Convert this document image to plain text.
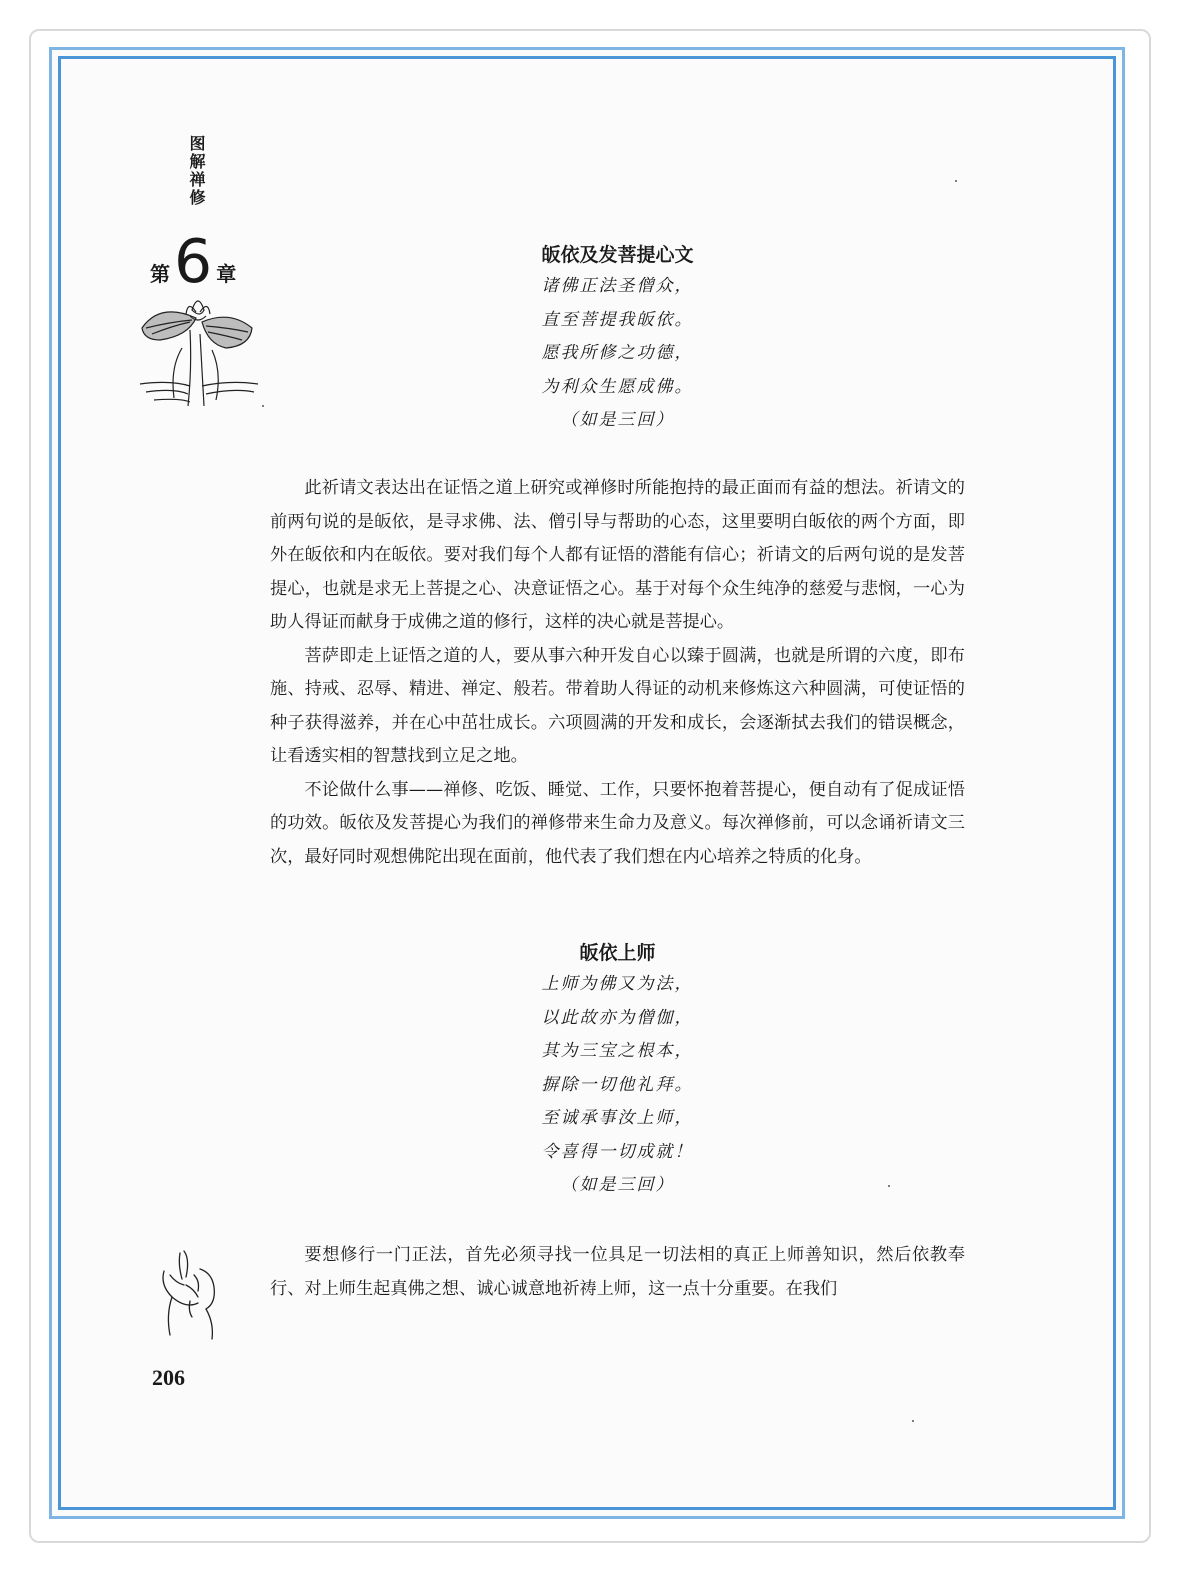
图解禅修
第 6 章

皈依及发菩提心文

诸佛正法圣僧众，

直至菩提我皈依。

愿我所修之功德，

为利众生愿成佛。

（如是三回）

此祈请文表达出在证悟之道上研究或禅修时所能抱持的最正面而有益的想法。祈请文的前两句说的是皈依，是寻求佛、法、僧引导与帮助的心态，这里要明白皈依的两个方面，即外在皈依和内在皈依。要对我们每个人都有证悟的潜能有信心；祈请文的后两句说的是发菩提心，也就是求无上菩提之心、决意证悟之心。基于对每个众生纯净的慈爱与悲悯，一心为助人得证而献身于成佛之道的修行，这样的决心就是菩提心。

菩萨即走上证悟之道的人，要从事六种开发自心以臻于圆满，也就是所谓的六度，即布施、持戒、忍辱、精进、禅定、般若。带着助人得证的动机来修炼这六种圆满，可使证悟的种子获得滋养，并在心中茁壮成长。六项圆满的开发和成长，会逐渐拭去我们的错误概念，让看透实相的智慧找到立足之地。

不论做什么事——禅修、吃饭、睡觉、工作，只要怀抱着菩提心，便自动有了促成证悟的功效。皈依及发菩提心为我们的禅修带来生命力及意义。每次禅修前，可以念诵祈请文三次，最好同时观想佛陀出现在面前，他代表了我们想在内心培养之特质的化身。

皈依上师

上师为佛又为法，

以此故亦为僧伽，

其为三宝之根本，

摒除一切他礼拜。

至诚承事汝上师，

令喜得一切成就！

（如是三回）

要想修行一门正法，首先必须寻找一位具足一切法相的真正上师善知识，然后依教奉行、对上师生起真佛之想、诚心诚意地祈祷上师，这一点十分重要。在我们

206
